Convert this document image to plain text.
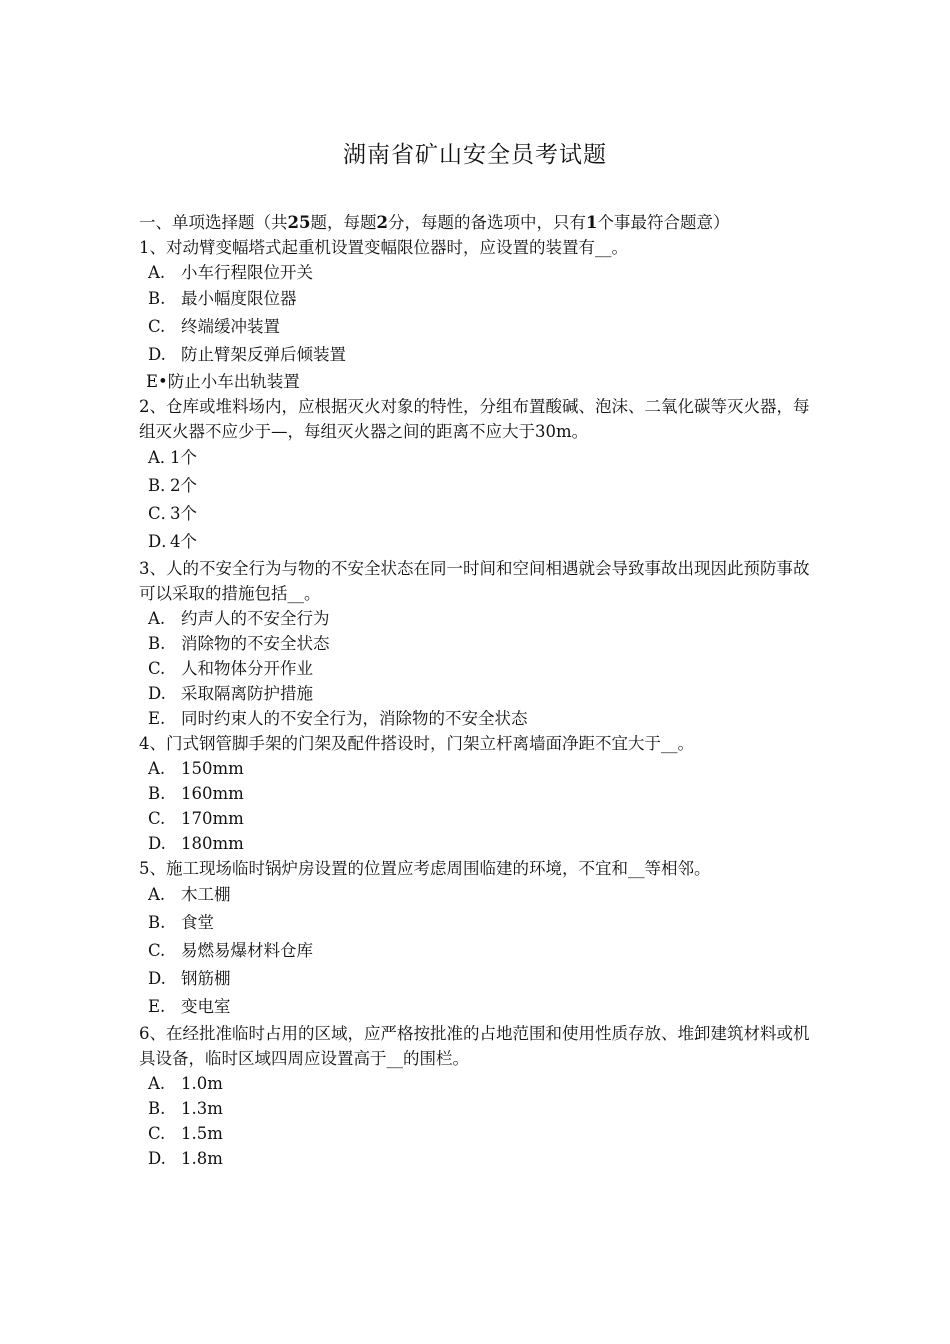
湖南省矿山安全员考试题

一、单项选择题（共25题，每题2分，每题的备选项中，只有1个事最符合题意）

1、对动臂变幅塔式起重机设置变幅限位器时，应设置的装置有__。

A. 小车行程限位开关

B. 最小幅度限位器

C. 终端缓冲装置

D. 防止臂架反弹后倾装置

E•防止小车出轨装置

2、仓库或堆料场内，应根据灭火对象的特性，分组布置酸碱、泡沫、二氧化碳等灭火器，每组灭火器不应少于—，每组灭火器之间的距离不应大于30m。

A．1个

B．2个

C．3个

D．4个

3、人的不安全行为与物的不安全状态在同一时间和空间相遇就会导致事故出现因此预防事故可以采取的措施包括__。

A. 约声人的不安全行为

B. 消除物的不安全状态

C. 人和物体分开作业

D. 采取隔离防护措施

E. 同时约束人的不安全行为，消除物的不安全状态

4、门式钢管脚手架的门架及配件搭设时，门架立杆离墙面净距不宜大于__。

A. 150mm

B. 160mm

C. 170mm

D. 180mm

5、施工现场临时锅炉房设置的位置应考虑周围临建的环境，不宜和__等相邻。

A. 木工棚

B. 食堂

C. 易燃易爆材料仓库

D. 钢筋棚

E. 变电室

6、在经批准临时占用的区域，应严格按批准的占地范围和使用性质存放、堆卸建筑材料或机具设备，临时区域四周应设置高于__的围栏。

A. 1.0m

B. 1.3m

C. 1.5m

D. 1.8m
